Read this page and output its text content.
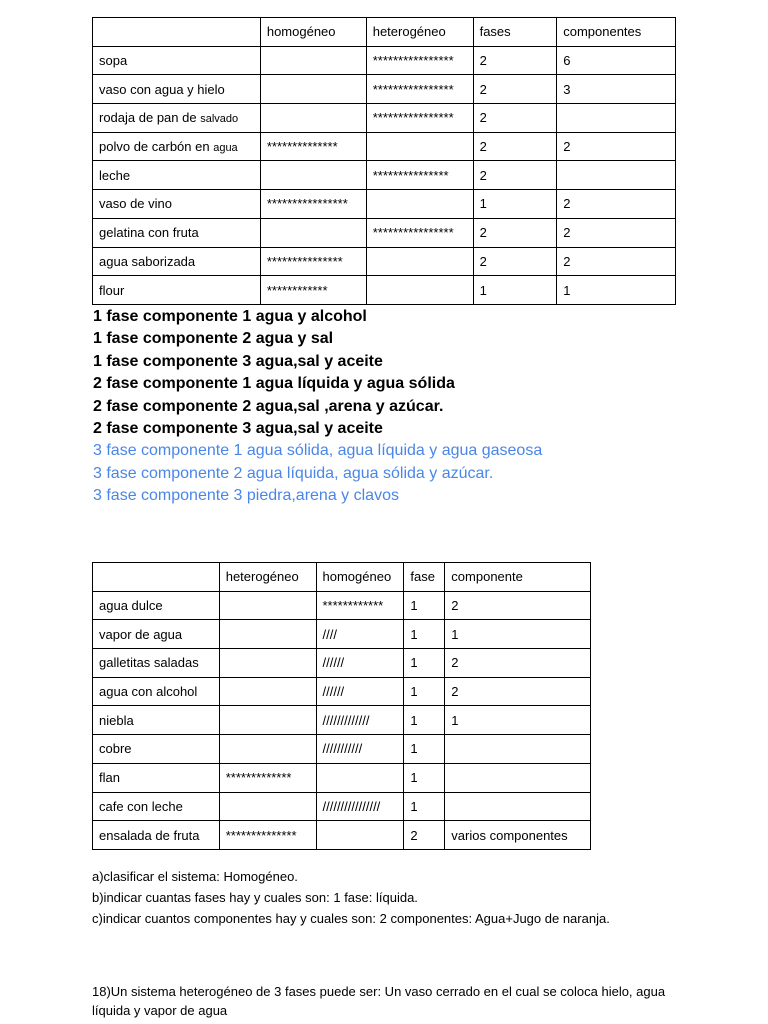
	homogéneo	heterogéneo	fases	componentes
sopa		****************	2	6
vaso con agua y hielo		****************	2	3
rodaja de pan de salvado		****************	2	
polvo de carbón en agua	**************		2	2
leche		***************	2	
vaso de vino	****************		1	2
gelatina con fruta		****************	2	2
agua saborizada	***************		2	2
flour	************		1	1
1 fase componente 1 agua y alcohol
1 fase componente 2 agua y sal
1 fase componente 3 agua,sal y aceite
2 fase componente 1 agua líquida y agua sólida
2 fase componente 2 agua,sal ,arena y azúcar.
2 fase componente 3 agua,sal y aceite
3 fase componente 1 agua sólida, agua líquida y agua gaseosa
3 fase componente 2 agua líquida, agua sólida y azúcar.
3 fase componente 3 piedra,arena y clavos
	heterogéneo	homogéneo	fase	componente
agua dulce		************	1	2
vapor de agua		////	1	1
galletitas saladas		//////	1	2
agua con alcohol		//////	1	2
niebla		/////////////	1	1
cobre		///////////	1	
flan	*************		1	
cafe con leche		////////////////	1	
ensalada de fruta	**************		2	varios componentes
a)clasificar el sistema: Homogéneo.
b)indicar cuantas fases hay y cuales son: 1 fase: líquida.
c)indicar cuantos componentes hay y cuales son: 2 componentes: Agua+Jugo de naranja.
18)Un sistema heterogéneo de 3 fases puede ser: Un vaso cerrado en el cual se coloca hielo, agua líquida y vapor de agua
